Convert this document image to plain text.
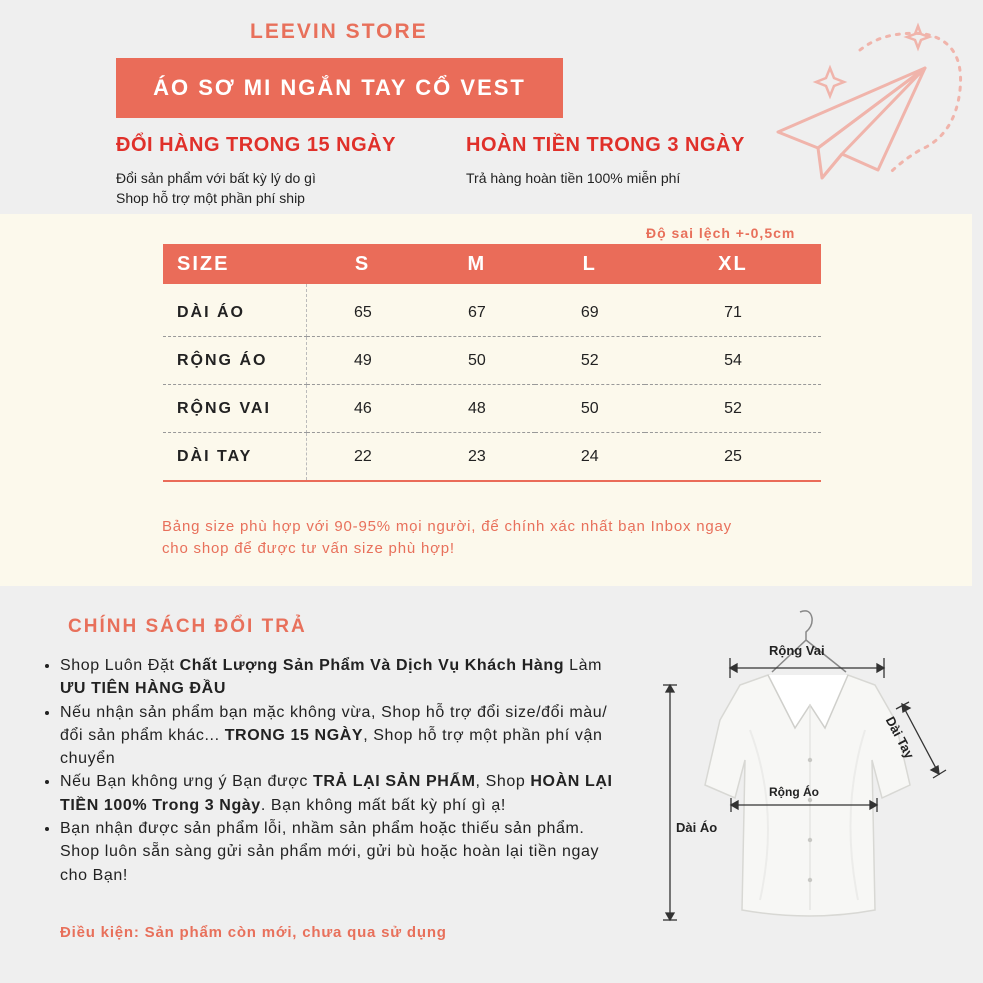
LEEVIN STORE
ÁO SƠ MI NGẮN TAY CỔ VEST
ĐỔI HÀNG TRONG 15 NGÀY
Đổi sản phẩm với bất kỳ lý do gì
Shop hỗ trợ một phần phí ship
HOÀN TIỀN TRONG 3 NGÀY
Trả hàng hoàn tiền 100% miễn phí
Độ sai lệch +-0,5cm
SIZE	S	M	L	XL
DÀI ÁO	65	67	69	71
RỘNG ÁO	49	50	52	54
RỘNG VAI	46	48	50	52
DÀI TAY	22	23	24	25
Bảng size phù hợp với 90-95% mọi người, để chính xác nhất bạn Inbox ngay
cho shop để được tư vấn size phù hợp!
CHÍNH SÁCH ĐỔI TRẢ
• Shop Luôn Đặt Chất Lượng Sản Phẩm Và Dịch Vụ Khách Hàng Làm ƯU TIÊN HÀNG ĐẦU
• Nếu nhận sản phẩm bạn mặc không vừa, Shop hỗ trợ đổi size/đổi màu/đổi sản phẩm khác... TRONG 15 NGÀY, Shop hỗ trợ một phần phí vận chuyển
• Nếu Bạn không ưng ý Bạn được TRẢ LẠI SẢN PHẨM, Shop HOÀN LẠI TIỀN 100% Trong 3 Ngày. Bạn không mất bất kỳ phí gì ạ!
• Bạn nhận được sản phẩm lỗi, nhầm sản phẩm hoặc thiếu sản phẩm. Shop luôn sẵn sàng gửi sản phẩm mới, gửi bù hoặc hoàn lại tiền ngay cho Bạn!
Điều kiện: Sản phẩm còn mới, chưa qua sử dụng
Rộng Vai
Rộng Áo
Dài Áo
Dài Tay
